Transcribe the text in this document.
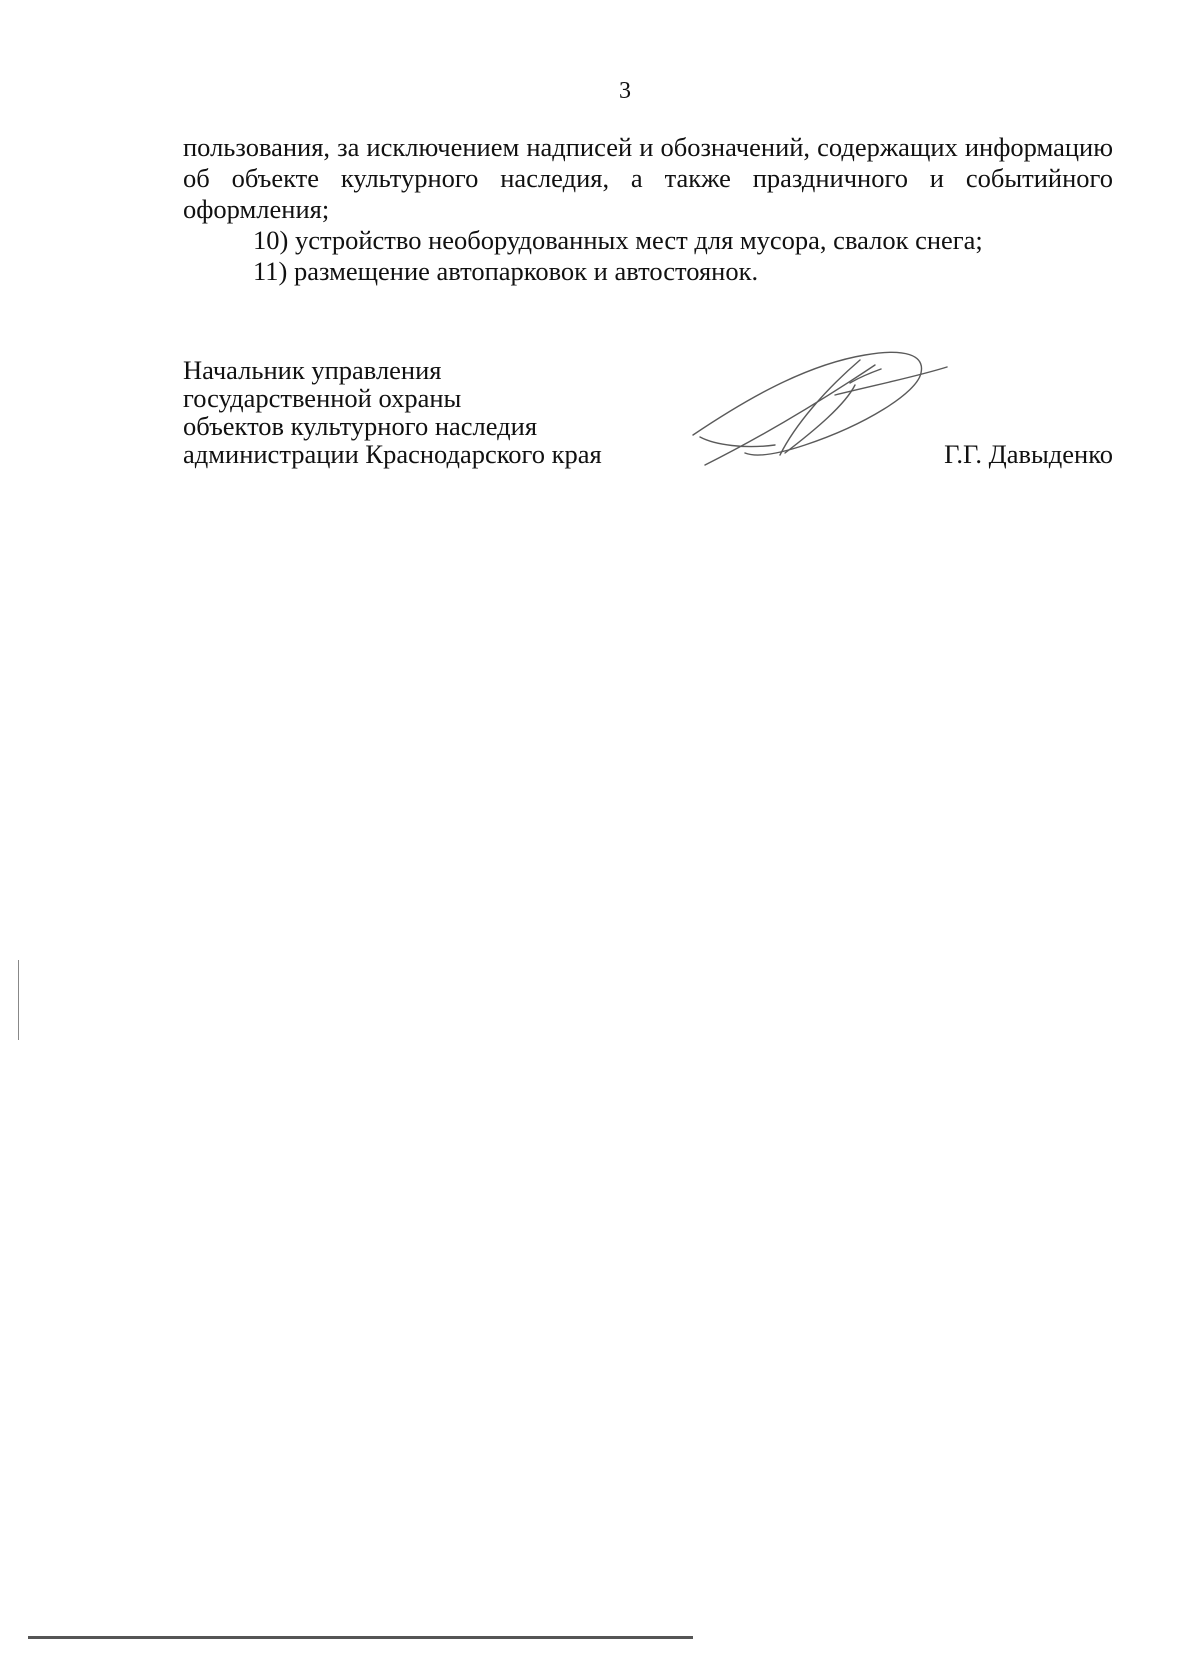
3

пользования, за исключением надписей и обозначений, содержащих информацию об объекте культурного наследия, а также праздничного и событийного оформления;

10) устройство необорудованных мест для мусора, свалок снега;

11) размещение автопарковок и автостоянок.

Начальник управления
государственной охраны
объектов культурного наследия
администрации Краснодарского края	Г.Г. Давыденко
